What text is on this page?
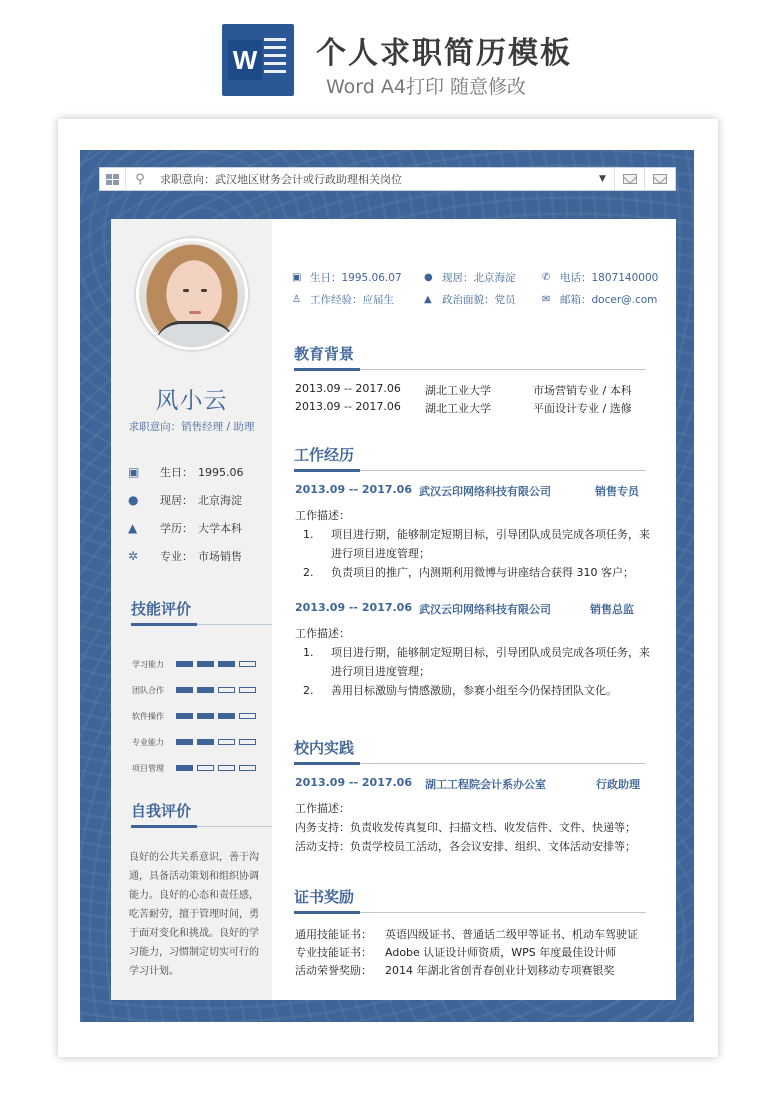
W 个人求职简历模板
Word A4打印 随意修改
⚲	求职意向：武汉地区财务会计或行政助理相关岗位	▼
风小云
求职意向：销售经理 / 助理
▣	生日： 1995.06
●	现居： 北京海淀
▲	学历： 大学本科
✲	专业： 市场销售
技能评价
学习能力
团队合作
软件操作
专业能力
项目管理
自我评价
良好的公共关系意识，善于沟通，具备活动策划和组织协调能力。良好的心态和责任感，吃苦耐劳，擅于管理时间，勇于面对变化和挑战。良好的学习能力，习惯制定切实可行的学习计划。
▣ 生日：1995.06.07 ● 现居：北京海淀	✆ 电话：1807140000
♙ 工作经验：应届生	▲ 政治面貌：党员	✉ 邮箱：docer@.com
教育背景
2013.09 -- 2017.06 湖北工业大学	市场营销专业 / 本科
2013.09 -- 2017.06 湖北工业大学	平面设计专业 / 选修
工作经历
2013.09 -- 2017.06 武汉云印网络科技有限公司	销售专员
工作描述：
1. 项目进行期，能够制定短期目标，引导团队成员完成各项任务，来进行项目进度管理；
2. 负责项目的推广，内测期利用微博与讲座结合获得 310 客户；
2013.09 -- 2017.06 武汉云印网络科技有限公司	销售总监
工作描述：
1. 项目进行期，能够制定短期目标，引导团队成员完成各项任务，来进行项目进度管理；
2. 善用目标激励与情感激励，参赛小组至今仍保持团队文化。
校内实践
2013.09 -- 2017.06 湖工工程院会计系办公室	行政助理
工作描述：
内务支持：负责收发传真复印、扫描文档、收发信件、文件、快递等；
活动支持：负责学校员工活动，各会议安排、组织、文体活动安排等；
证书奖励
通用技能证书： 英语四级证书、普通话二级甲等证书、机动车驾驶证
专业技能证书： Adobe 认证设计师资质，WPS 年度最佳设计师
活动荣誉奖励： 2014 年湖北省创青春创业计划移动专项赛银奖
